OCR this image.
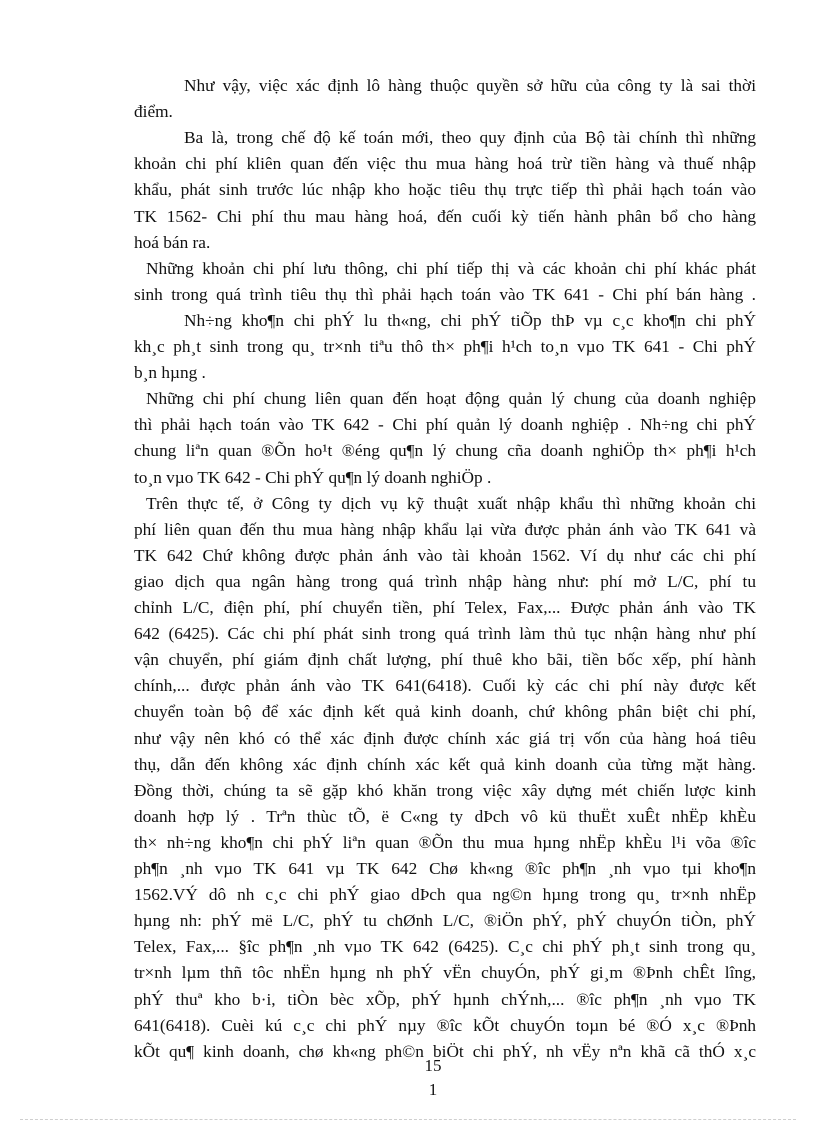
Như vậy, việc xác định lô hàng thuộc quyền sở hữu của công ty là sai thời
điểm.
Ba là, trong chế độ kế toán mới, theo quy định của Bộ tài chính thì những
khoản chi phí kliên quan đến việc thu mua hàng hoá trừ tiền hàng và thuế nhập
khẩu, phát sinh trước lúc nhập kho hoặc tiêu thụ trực tiếp thì phải hạch toán vào
TK 1562- Chi phí thu mau hàng hoá, đến cuối kỳ tiến hành phân bổ cho hàng
hoá bán ra.
Những khoản chi phí lưu thông, chi phí tiếp thị và các khoản chi phí khác phát
sinh trong quá trình tiêu thụ thì phải hạch toán vào TK 641 - Chi phí bán hàng .
Nh÷ng kho¶n chi phÝ lu th«ng, chi phÝ tiÕp thÞ vµ c¸c kho¶n chi phÝ
kh¸c ph¸t sinh trong qu¸ tr×nh tiªu thô th× ph¶i h¹ch to¸n vµo TK 641 - Chi phÝ
b¸n hµng .
Những chi phí chung liên quan đến hoạt động quản lý chung của doanh nghiệp
thì phải hạch toán vào TK 642 - Chi phí quản lý doanh nghiệp . Nh÷ng chi phÝ
chung liªn quan ®Õn ho¹t ®éng qu¶n lý chung cña doanh nghiÖp th× ph¶i h¹ch
to¸n vµo TK 642 - Chi phÝ qu¶n lý doanh nghiÖp .
Trên thực tế, ở Công ty dịch vụ kỹ thuật xuất nhập khẩu thì những khoản chi
phí liên quan đến thu mua hàng nhập khẩu lại vừa được phản ánh vào TK 641 và
TK 642 Chứ không được phản ánh vào tài khoản 1562. Ví dụ như các chi phí
giao dịch qua ngân hàng trong quá trình nhập hàng như: phí mở L/C, phí tu
chỉnh L/C, điện phí, phí chuyển tiền, phí Telex, Fax,... Được phản ánh vào TK
642 (6425). Các chi phí phát sinh trong quá trình làm thủ tục nhận hàng như phí
vận chuyển, phí giám định chất lượng, phí thuê kho bãi, tiền bốc xếp, phí hành
chính,... được phản ánh vào TK 641(6418). Cuối kỳ các chi phí này được kết
chuyển toàn bộ để xác định kết quả kinh doanh, chứ không phân biệt chi phí,
như vậy nên khó có thể xác định được chính xác giá trị vốn của hàng hoá tiêu
thụ, dẫn đến không xác định chính xác kết quả kinh doanh của từng mặt hàng.
Đồng thời, chúng ta sẽ gặp khó khăn trong việc xây dựng mét chiến lược kinh
doanh hợp lý . Trªn thùc tÕ, ë C«ng ty dÞch vô kü thuËt xuÊt nhËp khÈu
th× nh÷ng kho¶n chi phÝ liªn quan ®Õn thu mua hµng nhËp khÈu l¹i võa ®îc
ph¶n ¸nh vµo TK 641 vµ TK 642 Chø kh«ng ®îc ph¶n ¸nh vµo tµi kho¶n
1562.VÝ dô nh c¸c chi phÝ giao dÞch qua ng©n hµng trong qu¸ tr×nh nhËp
hµng nh: phÝ më L/C, phÝ tu chØnh L/C, ®iÖn phÝ, phÝ chuyÓn tiÒn, phÝ
Telex, Fax,... §îc ph¶n ¸nh vµo TK 642 (6425). C¸c chi phÝ ph¸t sinh trong qu¸
tr×nh lµm thñ tôc nhËn hµng nh phÝ vËn chuyÓn, phÝ gi¸m ®Þnh chÊt lîng,
phÝ thuª kho b·i, tiÒn bèc xÕp, phÝ hµnh chÝnh,... ®îc ph¶n ¸nh vµo TK
641(6418). Cuèi kú c¸c chi phÝ nµy ®îc kÕt chuyÓn toµn bé ®Ó x¸c ®Þnh
kÕt qu¶ kinh doanh, chø kh«ng ph©n biÖt chi phÝ, nh vËy nªn khã cã thÓ x¸c
15
1
